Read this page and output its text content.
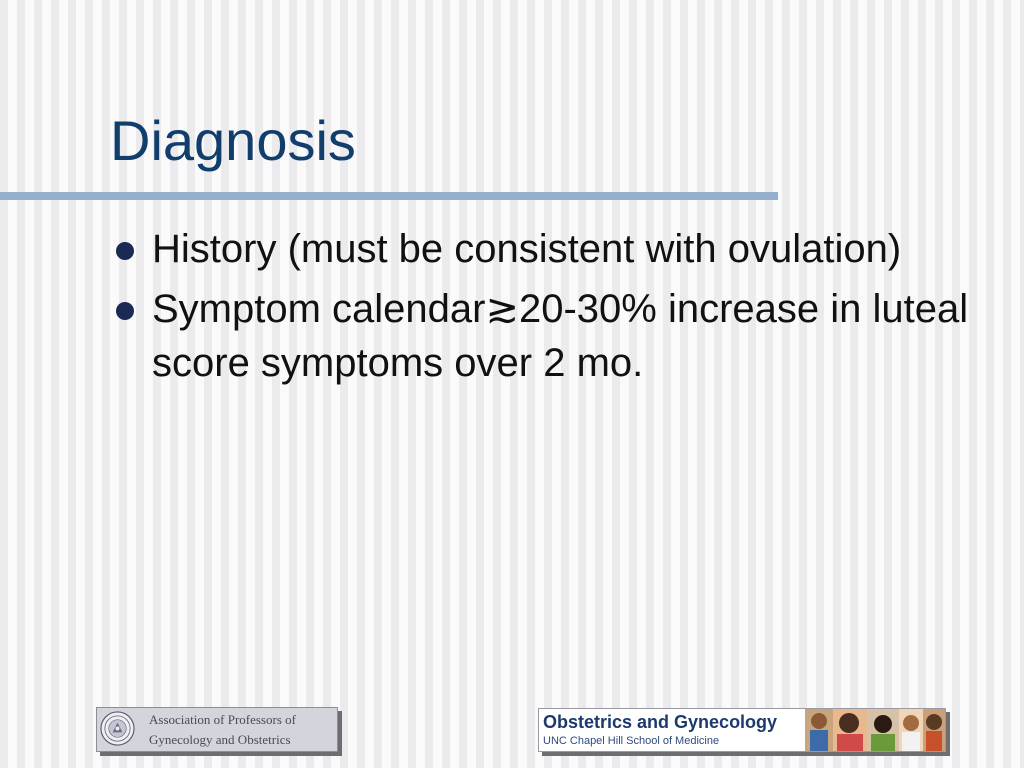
Diagnosis
History (must be consistent with ovulation)
Symptom calendar≳20-30% increase in luteal score symptoms over 2 mo.
Association of Professors of
Gynecology and Obstetrics
Obstetrics and Gynecology
UNC Chapel Hill School of Medicine
